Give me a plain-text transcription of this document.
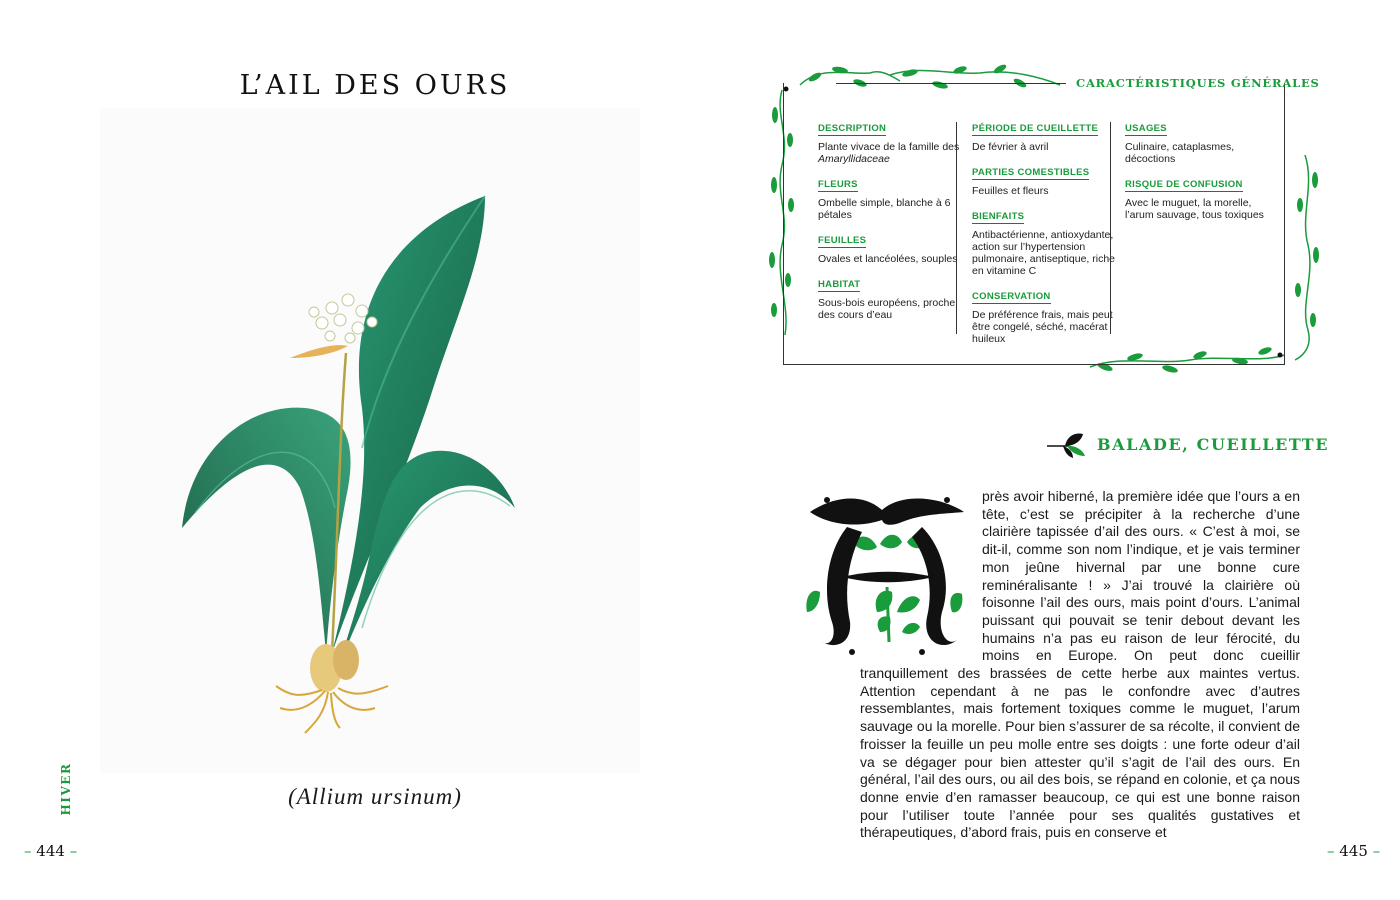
L’AIL DES OURS
(Allium ursinum)
HIVER
– 444 –
CARACTÉRISTIQUES GÉNÉRALES
DESCRIPTION
Plante vivace de la famille des Amaryllidaceae
FLEURS
Ombelle simple, blanche à 6 pétales
FEUILLES
Ovales et lancéolées, souples
HABITAT
Sous-bois européens, proche des cours d’eau
PÉRIODE DE CUEILLETTE
De février à avril
PARTIES COMESTIBLES
Feuilles et fleurs
BIENFAITS
Antibactérienne, antioxydante, action sur l’hypertension pulmonaire, antiseptique, riche en vitamine C
CONSERVATION
De préférence frais, mais peut être congelé, séché, macérat huileux
USAGES
Culinaire, cataplasmes, décoctions
RISQUE DE CONFUSION
Avec le muguet, la morelle, l’arum sauvage, tous toxiques
BALADE, CUEILLETTE
près avoir hiberné, la première idée que l’ours a en tête, c’est se précipiter à la recherche d’une clairière tapissée d’ail des ours. « C’est à moi, se dit-il, comme son nom l’indique, et je vais terminer mon jeûne hivernal par une bonne cure reminéralisante ! » J’ai trouvé la clairière où foisonne l’ail des ours, mais point d’ours. L’animal puissant qui pouvait se tenir debout devant les humains n’a pas eu raison de leur férocité, du moins en Europe. On peut donc cueillir tranquillement des brassées de cette herbe aux maintes vertus. Attention cependant à ne pas le confondre avec d’autres ressemblantes, mais fortement toxiques comme le muguet, l’arum sauvage ou la morelle. Pour bien s’assurer de sa récolte, il convient de froisser la feuille un peu molle entre ses doigts : une forte odeur d’ail va se dégager pour bien attester qu’il s’agit de l’ail des ours. En général, l’ail des ours, ou ail des bois, se répand en colonie, et ça nous donne envie d’en ramasser beaucoup, ce qui est une bonne raison pour l’utiliser toute l’année pour ses qualités gustatives et thérapeutiques, d’abord frais, puis en conserve et
– 445 –
